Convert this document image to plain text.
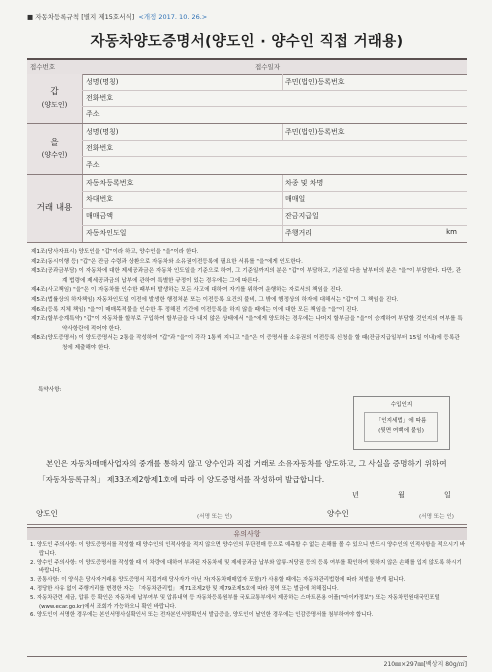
■ 자동차등록규칙 [별지 제15호서식] <개정 2017. 10. 26.>
자동차양도증명서(양도인 · 양수인 직접 거래용)
접수번호	접수일자
갑
(양도인)
성명(명칭)	주민(법인)등록번호
전화번호
주소
을
(양수인)
성명(명칭)	주민(법인)등록번호
전화번호
주소
거래 내용
자동차등록번호	차종 및 차명
차대번호	매매일
매매금액	잔금지급일
자동차인도일	주행거리	km

제1조(당사자표시) 양도인을 "갑"이라 하고, 양수인을 "을"이라 한다.

제2조(동시이행 등) "갑"은 잔금 수령과 상환으로 자동차와 소유권이전등록에 필요한 서류를 "을"에게 인도한다.

제3조(공과금부담) 이 자동차에 대한 제세공과금은 자동차 인도일을 기준으로 하여, 그 기준일까지의 분은 "갑"이 부담하고, 기준일 다음 날부터의 분은 "을"이 부담한다. 다만, 관계 법령에 제세공과금의 납부에 관하여 특별한 규정이 있는 경우에는 그에 따른다.

제4조(사고책임) "을"은 이 자동차를 인수한 때부터 발생하는 모든 사고에 대하여 자기를 위하여 운행하는 자로서의 책임을 진다.

제5조(법률상의 하자책임) 자동차인도일 이전에 발생한 행정처분 또는 이전등록 요건의 불비, 그 밖에 행정상의 하자에 대해서는 "갑"이 그 책임을 진다.

제6조(등록 지체 책임) "을"이 매매목적물을 인수한 후 정해진 기간에 이전등록을 하지 않을 때에는 이에 대한 모든 책임을 "을"이 진다.

제7조(할부승계특약) "갑"이 자동차를 할부로 구입하여 할부금을 다 내지 않은 상태에서 "을"에게 양도하는 경우에는 나머지 할부금을 "을"이 승계하여 부담할 것인지의 여부를 특약사항란에 적어야 한다.

제8조(양도증명서) 이 양도증명서는 2통을 작성하여 "갑"과 "을"이 각각 1통씩 지니고 "을"은 이 증명서를 소유권의 이전등록 신청을 할 때(잔금지급일부터 15일 이내)에 등록관청에 제출해야 한다.

특약사항:
수입인지
「인지세법」에 따름
(뒷면 여백에 붙임)
본인은 자동차매매사업자의 중개를 통하지 않고 양수인과 직접 거래로 소유자동차를 양도하고, 그 사실을 증명하기 위하여 「자동차등록규칙」 제33조제2항제1호에 따라 이 양도증명서를 작성하여 발급합니다.
년	월	일
양도인	(서명 또는 인)	양수인	(서명 또는 인)
유의사항

1. 양도인 주의사항: 이 양도증명서를 작성할 때 양수인의 인적사항을 적지 않으면 양수인의 무단전매 등으로 예측할 수 없는 손해를 볼 수 있으니 반드시 양수인의 인적사항을 적으시기 바랍니다.

2. 양수인 주의사항: 이 양도증명서를 작성할 때 이 차량에 대하여 부과된 자동차세 및 제세공과금 납부와 압류·저당권 등의 등록 여부를 확인하여 뒷하지 않은 손해를 입지 않도록 하시기 바랍니다.

3. 공통사항: 이 양식은 당사자거래용 양도증명서 직접거래 당사자가 아닌 자(자동차매매업자 포함)가 사용할 때에는 자동차관리법령에 따라 처벌을 받게 됩니다.

4. 정당한 사유 없이 주행거리를 변경한 자는 「자동차관리법」 제71조제2항 및 제79조제5호에 따라 징역 또는 벌금에 처해집니다.

5. 자동차관련 세금, 압류 등 확인은 자동차세 납부여부 및 압류내역 등 자동차등록원부를 국토교통부에서 제공하는 스마트폰용 어플("마이카정보") 또는 자동차민원대국민포털(www.ecar.go.kr)에서 조회가 가능하오니 확인 바랍니다.

6. 양도인이 서명한 경우에는 본인서명사실확인서 또는 전자본인서명확인서 발급증을, 양도인이 날인한 경우에는 인감증명서를 첨부하여야 합니다.

210㎜×297㎜[백상지 80g/㎡]
